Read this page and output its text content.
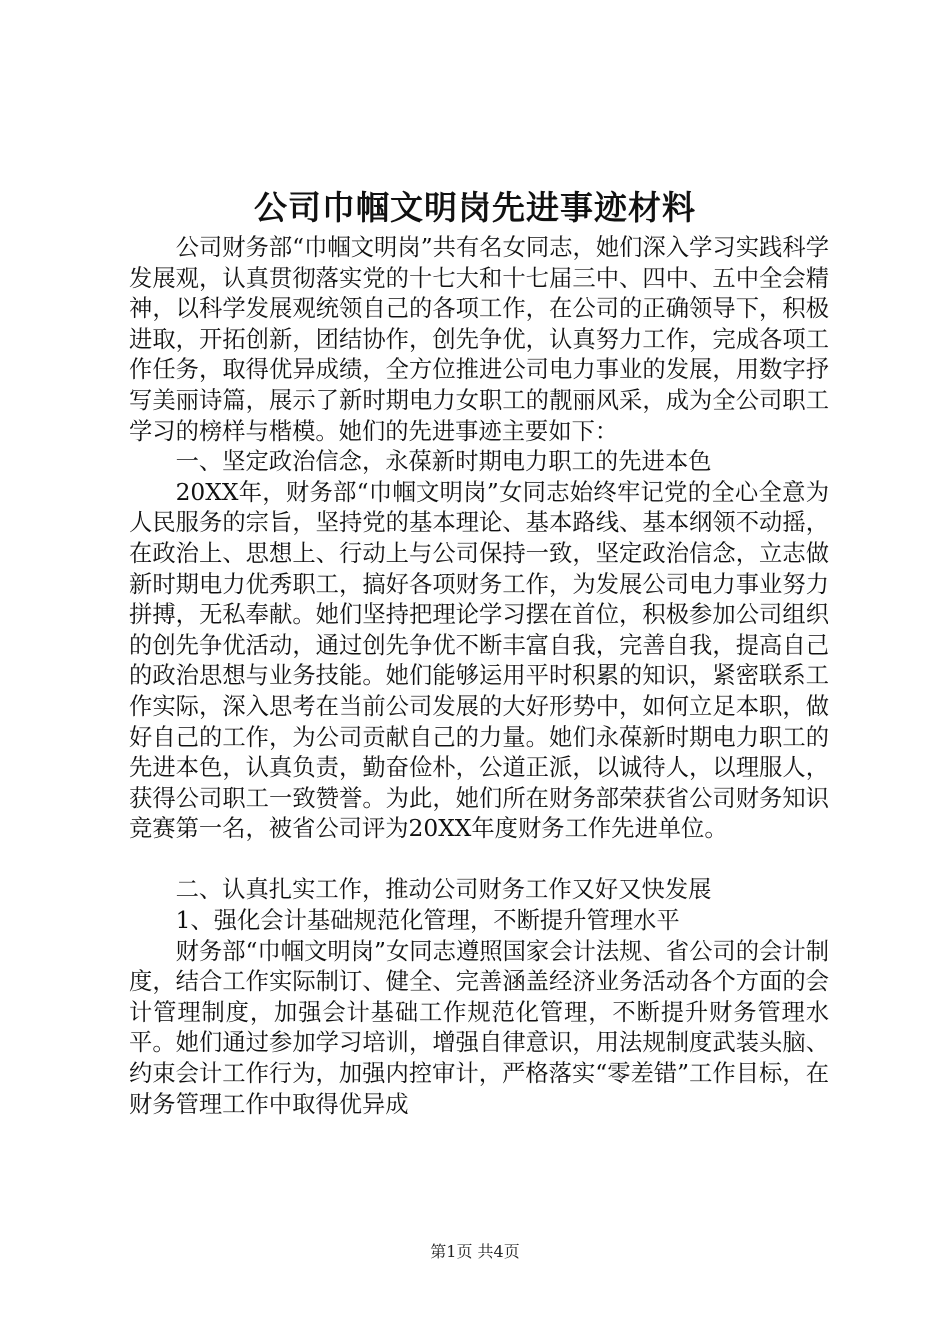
公司巾帼文明岗先进事迹材料

公司财务部“巾帼文明岗”共有名女同志，她们深入学习实践科学发展观，认真贯彻落实党的十七大和十七届三中、四中、五中全会精神，以科学发展观统领自己的各项工作，在公司的正确领导下，积极进取，开拓创新，团结协作，创先争优，认真努力工作，完成各项工作任务，取得优异成绩，全方位推进公司电力事业的发展，用数字抒写美丽诗篇，展示了新时期电力女职工的靓丽风采，成为全公司职工学习的榜样与楷模。她们的先进事迹主要如下：

一、坚定政治信念，永葆新时期电力职工的先进本色

20XX年，财务部“巾帼文明岗”女同志始终牢记党的全心全意为人民服务的宗旨，坚持党的基本理论、基本路线、基本纲领不动摇，在政治上、思想上、行动上与公司保持一致，坚定政治信念，立志做新时期电力优秀职工，搞好各项财务工作，为发展公司电力事业努力拼搏，无私奉献。她们坚持把理论学习摆在首位，积极参加公司组织的创先争优活动，通过创先争优不断丰富自我，完善自我，提高自己的政治思想与业务技能。她们能够运用平时积累的知识，紧密联系工作实际，深入思考在当前公司发展的大好形势中，如何立足本职，做好自己的工作，为公司贡献自己的力量。她们永葆新时期电力职工的先进本色，认真负责，勤奋俭朴，公道正派，以诚待人，以理服人，获得公司职工一致赞誉。为此，她们所在财务部荣获省公司财务知识竞赛第一名，被省公司评为20XX年度财务工作先进单位。

二、认真扎实工作，推动公司财务工作又好又快发展

1、强化会计基础规范化管理，不断提升管理水平

财务部“巾帼文明岗”女同志遵照国家会计法规、省公司的会计制度，结合工作实际制订、健全、完善涵盖经济业务活动各个方面的会计管理制度，加强会计基础工作规范化管理，不断提升财务管理水平。她们通过参加学习培训，增强自律意识，用法规制度武装头脑、约束会计工作行为，加强内控审计，严格落实“零差错”工作目标，在财务管理工作中取得优异成

第1页 共4页
